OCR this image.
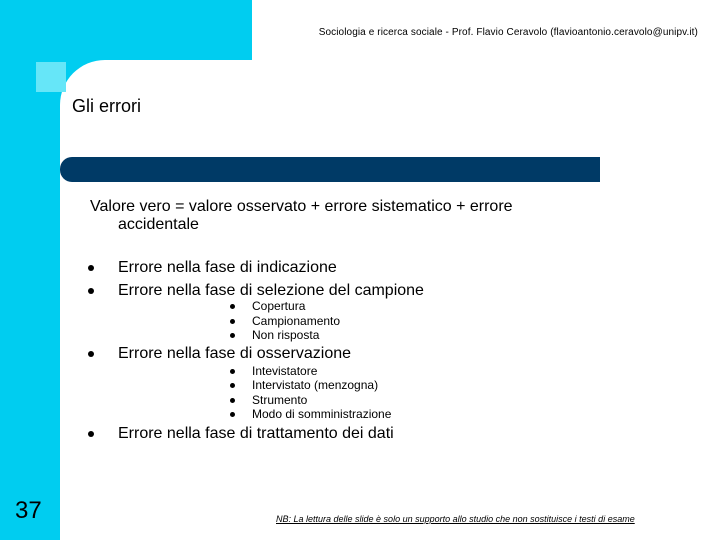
Sociologia e ricerca sociale - Prof. Flavio Ceravolo (flavioantonio.ceravolo@unipv.it)
Gli errori
Valore vero = valore osservato + errore sistematico + errore
accidentale
Errore nella fase di indicazione
Errore nella fase di selezione del campione
Copertura
Campionamento
Non risposta
Errore nella fase di osservazione
Intevistatore
Intervistato (menzogna)
Strumento
Modo di somministrazione
Errore nella fase di trattamento dei dati
37	NB: La lettura delle slide è solo un supporto allo studio che non sostituisce i testi di esame
